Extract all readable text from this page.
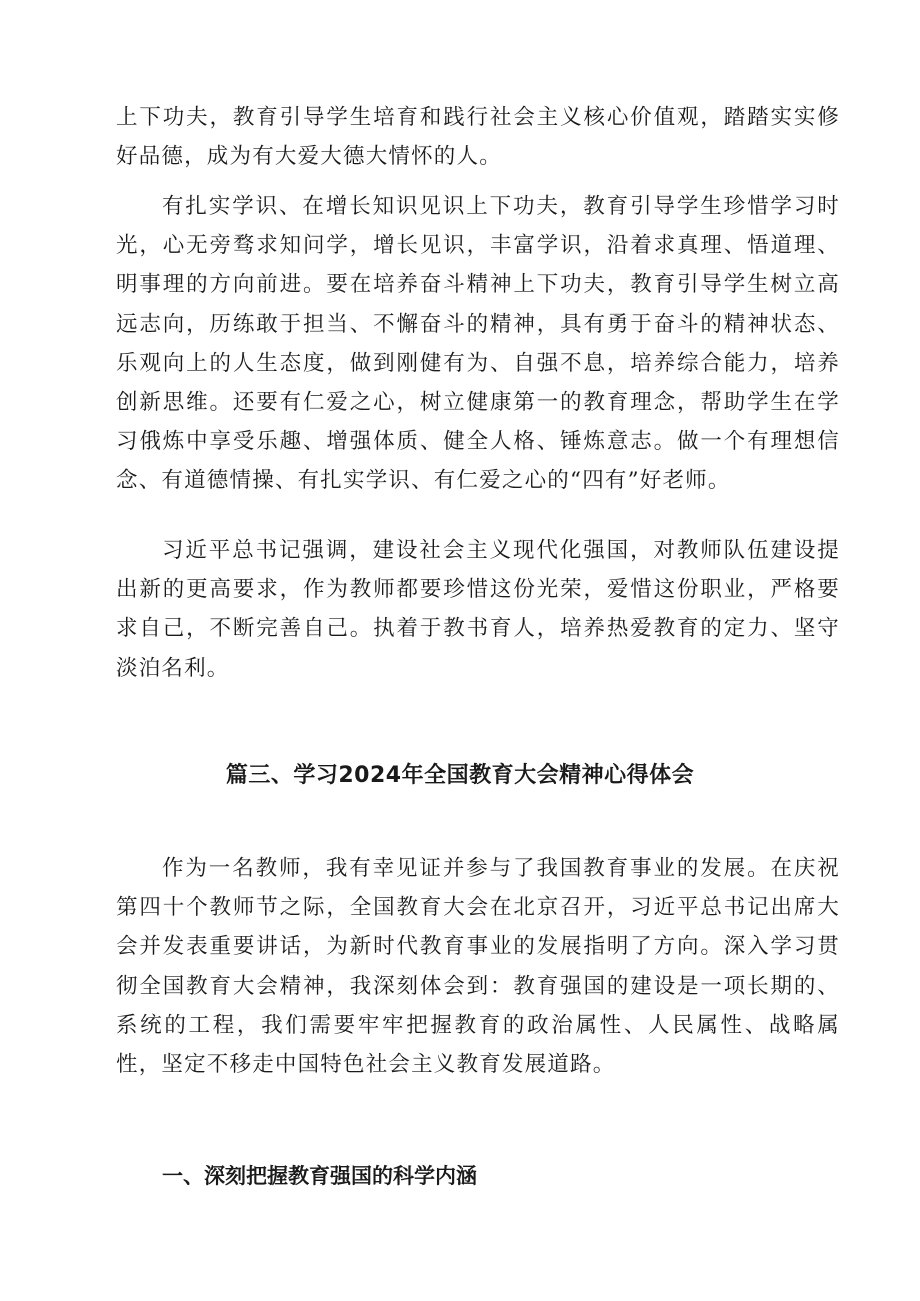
上下功夫，教育引导学生培育和践行社会主义核心价值观，踏踏实实修好品德，成为有大爱大德大情怀的人。

有扎实学识、在增长知识见识上下功夫，教育引导学生珍惜学习时光，心无旁骛求知问学，增长见识，丰富学识，沿着求真理、悟道理、明事理的方向前进。要在培养奋斗精神上下功夫，教育引导学生树立高远志向，历练敢于担当、不懈奋斗的精神，具有勇于奋斗的精神状态、乐观向上的人生态度，做到刚健有为、自强不息，培养综合能力，培养创新思维。还要有仁爱之心，树立健康第一的教育理念，帮助学生在学习俄炼中享受乐趣、增强体质、健全人格、锤炼意志。做一个有理想信念、有道德情操、有扎实学识、有仁爱之心的“四有”好老师。

习近平总书记强调，建设社会主义现代化强国，对教师队伍建设提出新的更高要求，作为教师都要珍惜这份光荣，爱惜这份职业，严格要求自己，不断完善自己。执着于教书育人，培养热爱教育的定力、坚守淡泊名利。

篇三、学习2024年全国教育大会精神心得体会

作为一名教师，我有幸见证并参与了我国教育事业的发展。在庆祝第四十个教师节之际，全国教育大会在北京召开，习近平总书记出席大会并发表重要讲话，为新时代教育事业的发展指明了方向。深入学习贯彻全国教育大会精神，我深刻体会到：教育强国的建设是一项长期的、系统的工程，我们需要牢牢把握教育的政治属性、人民属性、战略属性，坚定不移走中国特色社会主义教育发展道路。

一、深刻把握教育强国的科学内涵
